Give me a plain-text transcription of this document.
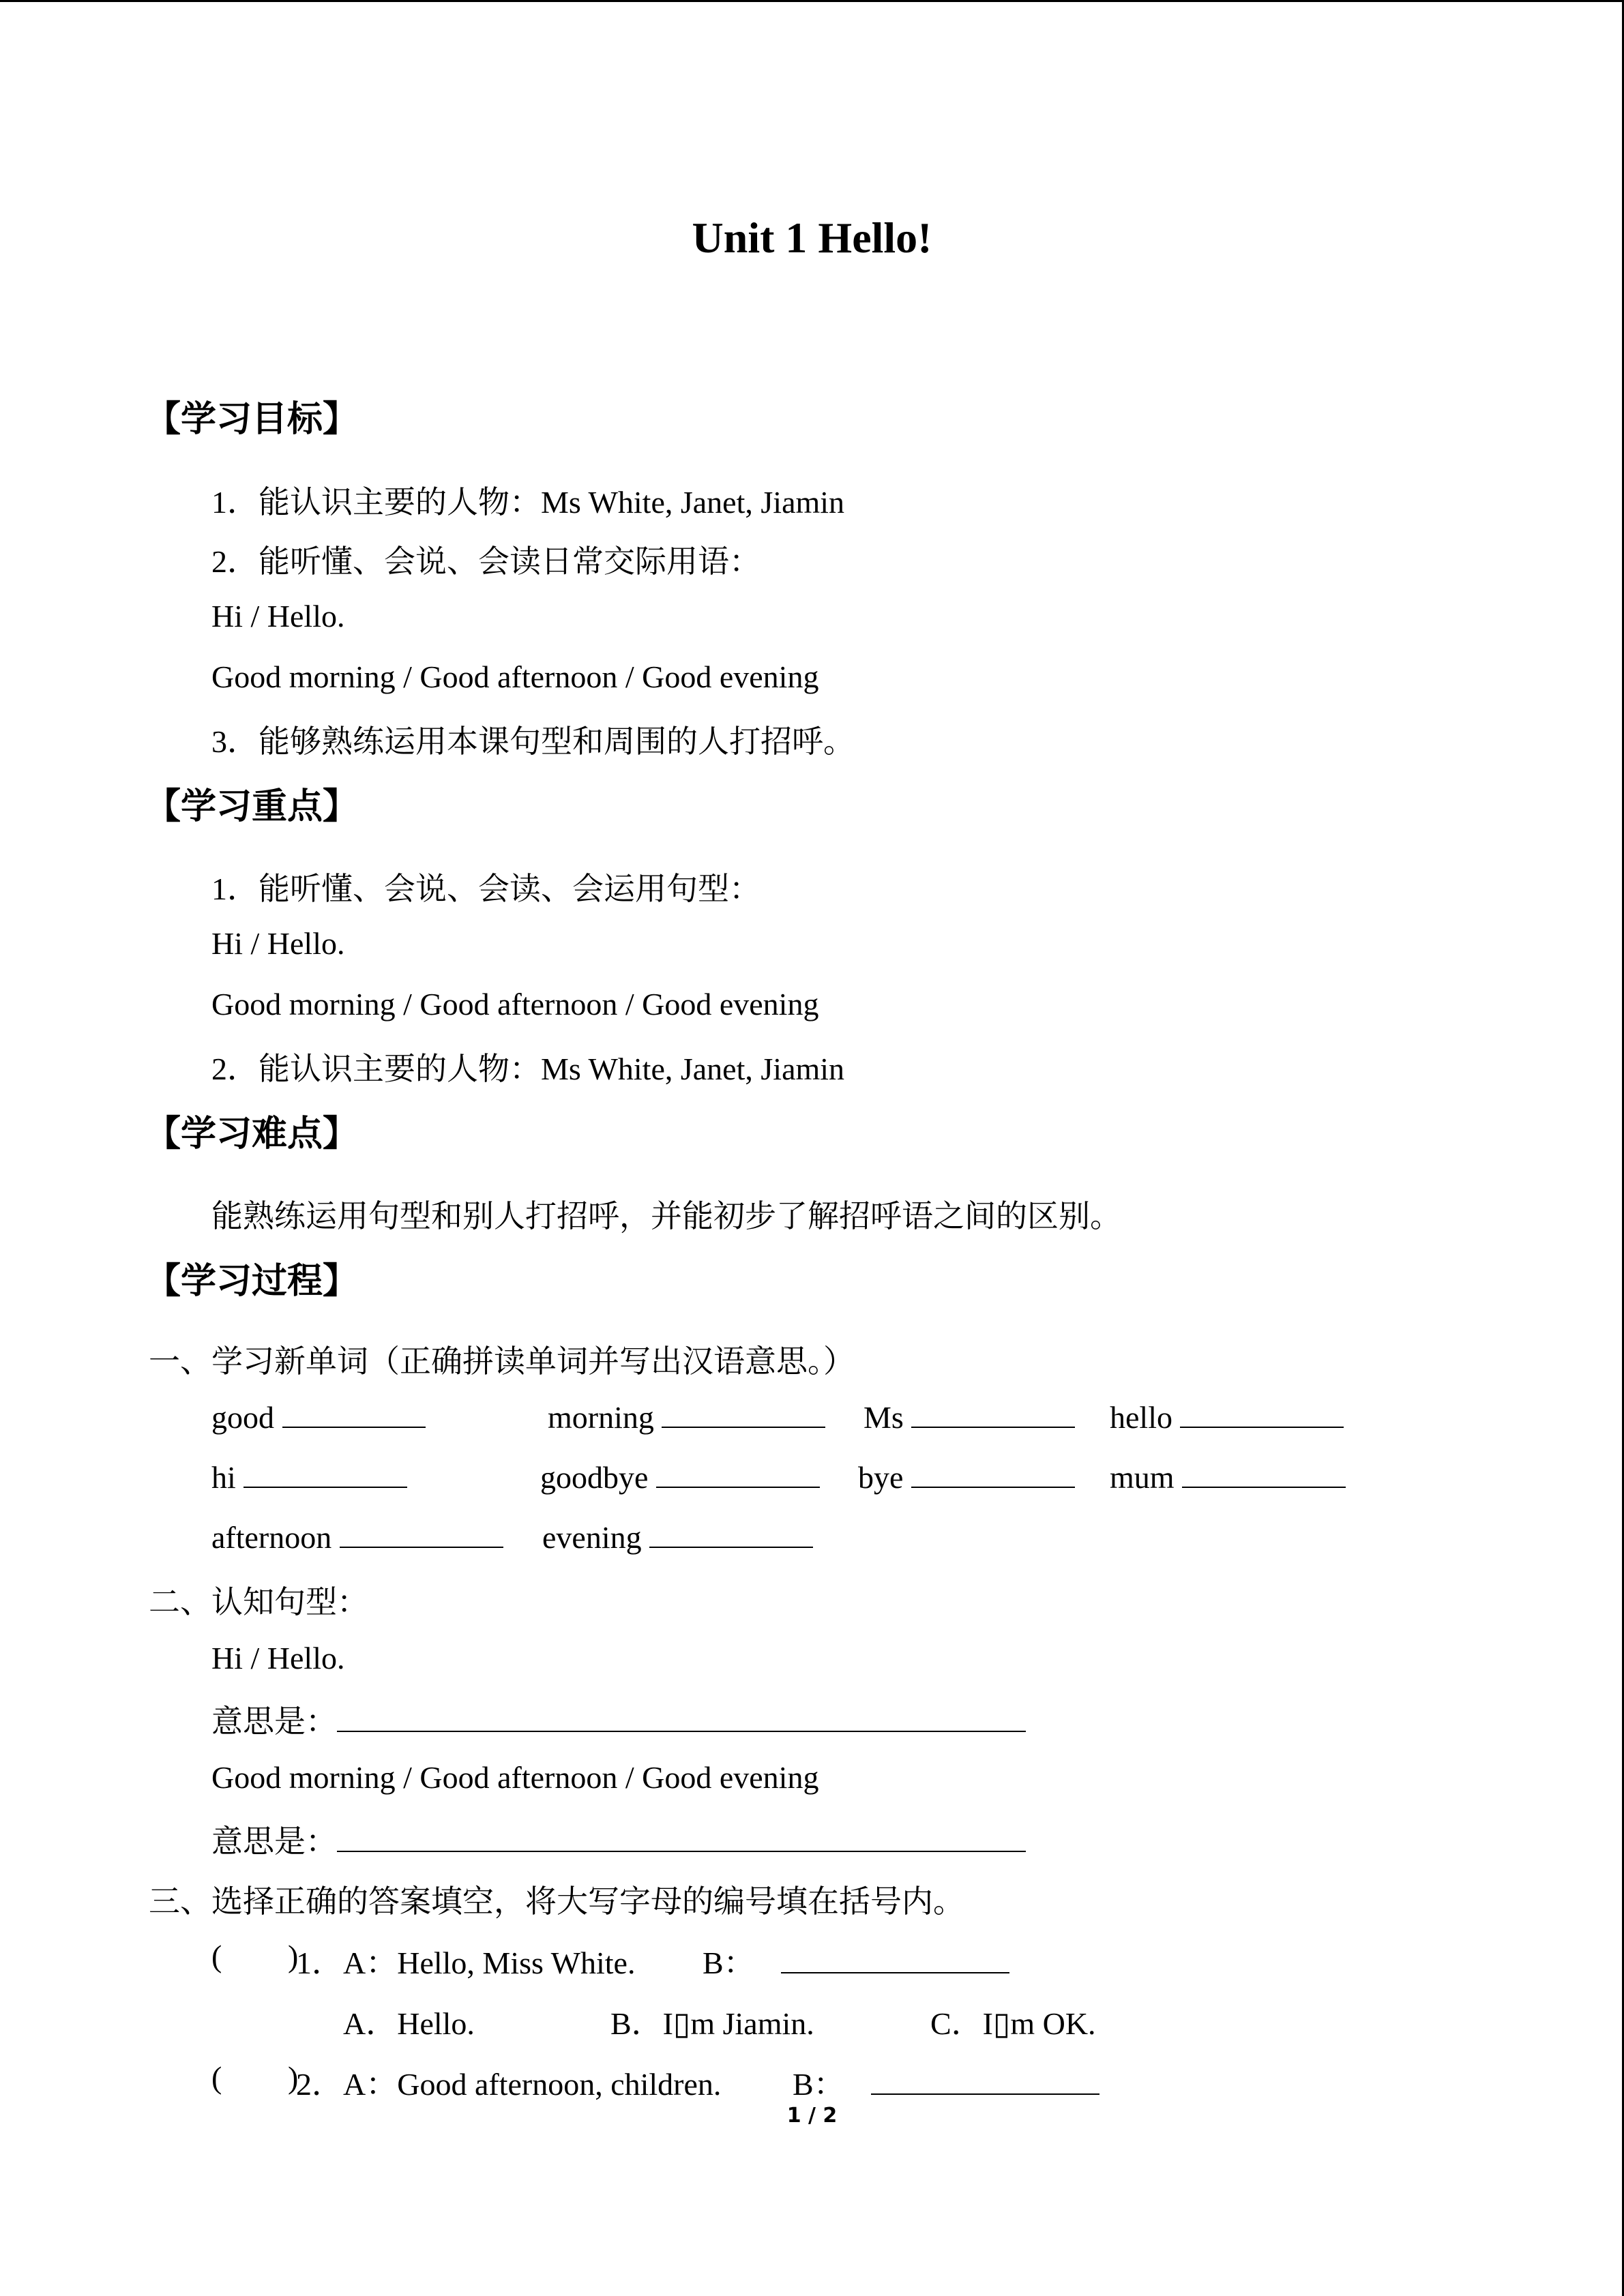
Unit 1 Hello!
【学习目标】
1．能认识主要的人物：Ms White, Janet, Jiamin
2．能听懂、会说、会读日常交际用语：
Hi / Hello.
Good morning / Good afternoon / Good evening
3．能够熟练运用本课句型和周围的人打招呼。
【学习重点】
1．能听懂、会说、会读、会运用句型：
Hi / Hello.
Good morning / Good afternoon / Good evening
2．能认识主要的人物：Ms White, Janet, Jiamin
【学习难点】
能熟练运用句型和别人打招呼，并能初步了解招呼语之间的区别。
【学习过程】
一、学习新单词（正确拼读单词并写出汉语意思。）
good	morning	Ms	hello
hi	goodbye	bye	mum
afternoon	evening
二、认知句型：
Hi / Hello.
意思是：
Good morning / Good afternoon / Good evening
意思是：
三、选择正确的答案填空，将大写字母的编号填在括号内。
( )
1．A：Hello, Miss White. B：
A．Hello.	B．I▯m Jiamin.	C．I▯m OK.
( )
2．A：Good afternoon, children. B：
1 / 2
